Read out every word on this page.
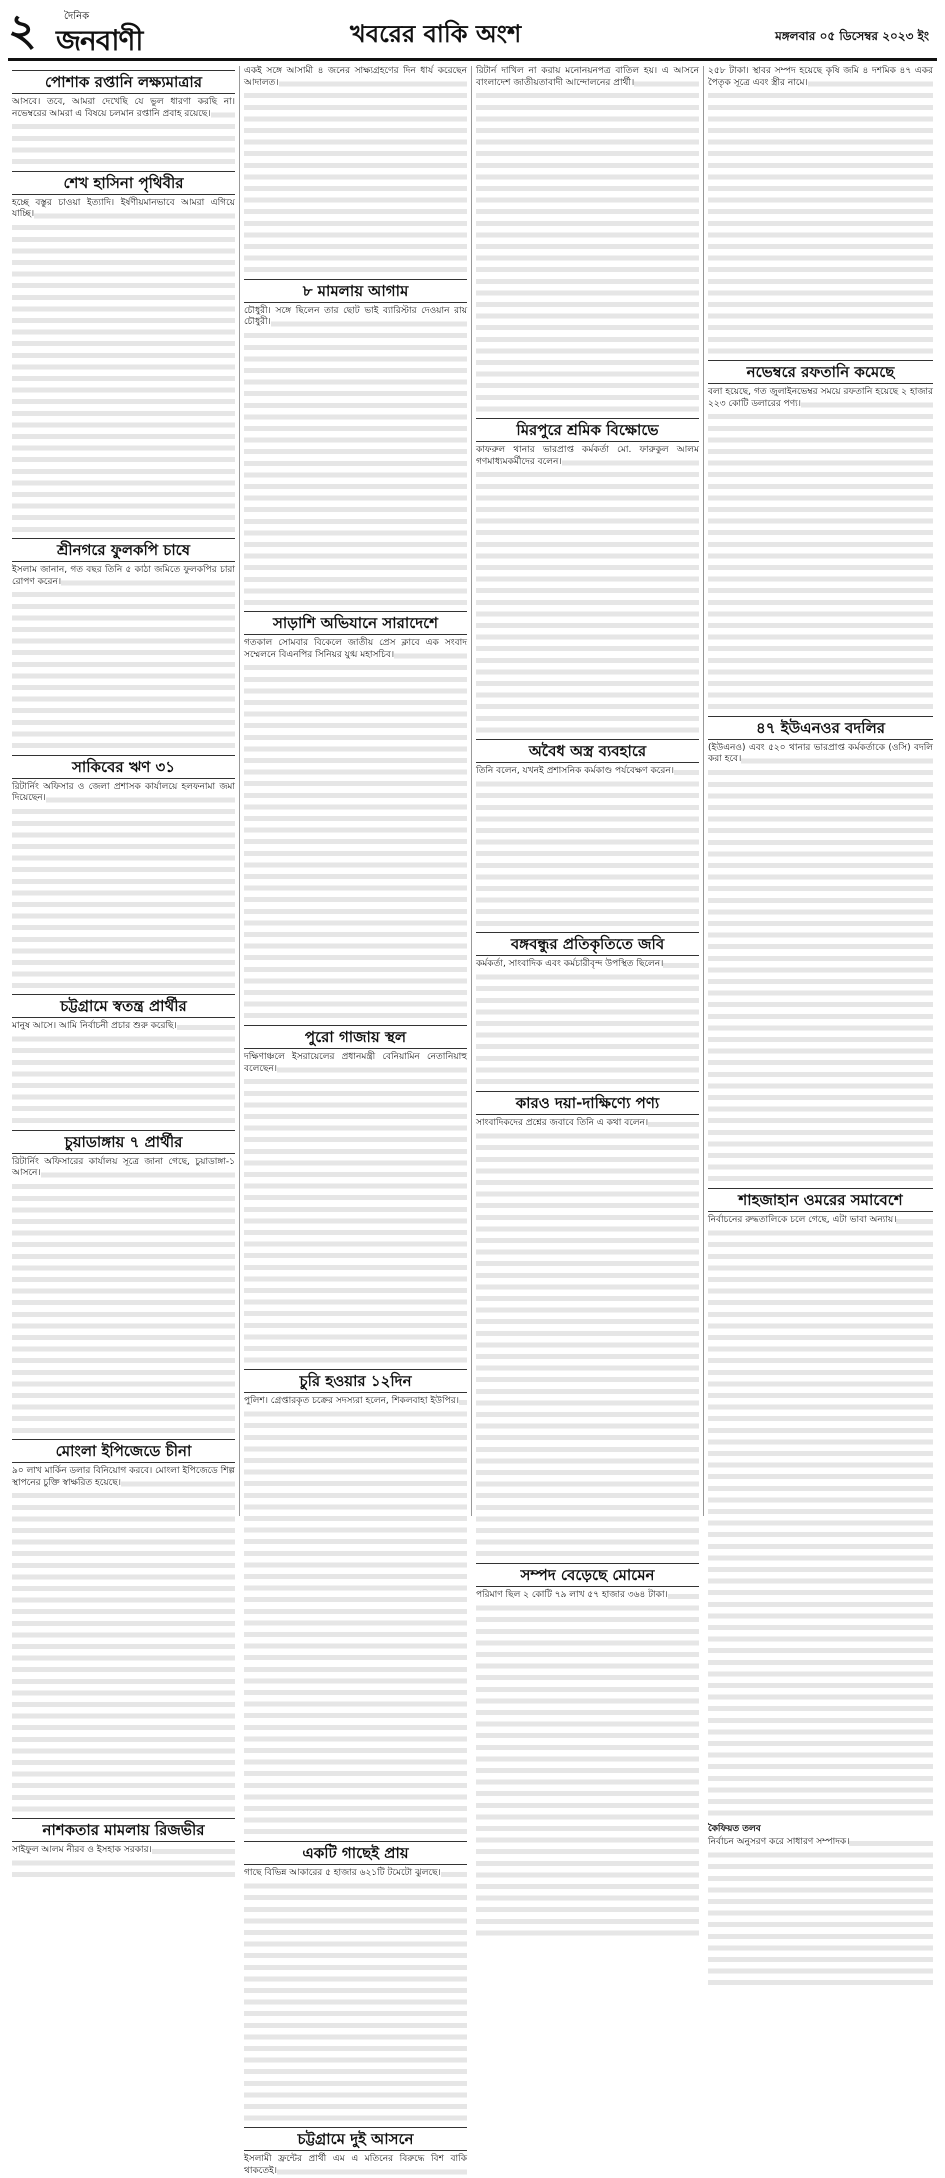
২	দৈনিক
জনবাণী	খবরের বাকি অংশ	মঙ্গলবার ০৫ ডিসেম্বর ২০২৩ ইং
পোশাক রপ্তানি লক্ষ্যমাত্রার

আসবে। তবে, আমরা দেখেছি যে ভুল ধারণা করছি না। নভেম্বরের আমরা এ বিষয়ে চলমান রপ্তানি প্রবাহ রয়েছে।

শেখ হাসিনা পৃথিবীর

হচ্ছে বস্তুর চাওয়া ইত্যাদি। ইর্ষণীয়মানভাবে আমরা এগিয়ে যাচ্ছি।

শ্রীনগরে ফুলকপি চাষে

ইসলাম জানান, গত বছর তিনি ৫ কাঠা জমিতে ফুলকপির চারা রোপণ করেন।

সাকিবের ঋণ ৩১

রিটার্নিং অফিসার ও জেলা প্রশাসক কার্যালয়ে হলফনামা জমা দিয়েছেন।

চট্টগ্রামে স্বতন্ত্র প্রার্থীর

মানুষ আসে। আমি নির্বাচনী প্রচার শুরু করেছি।

চুয়াডাঙ্গায় ৭ প্রার্থীর

রিটার্নিং অফিসারের কার্যালয় সূত্রে জানা গেছে, চুয়াডাঙ্গা-১ আসনে।

মোংলা ইপিজেডে চীনা

৯০ লাখ মার্কিন ডলার বিনিয়োগ করবে। মোংলা ইপিজেডে শিল্প স্থাপনের চুক্তি স্বাক্ষরিত হয়েছে।

নাশকতার মামলায় রিজভীর

সাইফুল আলম নীরব ও ইসহাক সরকার।

একই সঙ্গে আসামী ৪ জনের সাক্ষ্যগ্রহণের দিন ধার্য করেছেন আদালত।

৮ মামলায় আগাম

চৌধুরী। সঙ্গে ছিলেন তার ছোট ভাই ব্যারিস্টার দেওয়ান রায় চৌধুরী।

সাড়াশি অভিযানে সারাদেশে

গতকাল সোমবার বিকেলে জাতীয় প্রেস ক্লাবে এক সংবাদ সম্মেলনে বিএনপির সিনিয়র যুগ্ম মহাসচিব।

পুরো গাজায় স্থল

দক্ষিণাঞ্চলে ইসরায়েলের প্রধানমন্ত্রী বেনিয়ামিন নেতানিয়াহু বলেছেন।

চুরি হওয়ার ১২দিন

পুলিশ। গ্রেপ্তারকৃত চক্রের সদস্যরা হলেন, শিকলবাহা ইউপির।

একটি গাছেই প্রায়

গাছে বিভিন্ন আকারের ৫ হাজার ৬২১টি টমেটো ঝুলছে।

চট্টগ্রামে দুই আসনে

ইসলামী ফ্রন্টের প্রার্থী এম এ মতিনের বিরুদ্ধে বিশ বাকি থাকতেই।

রিটার্ন দাখিল না করায় মনোনয়নপত্র বাতিল হয়। এ আসনে বাংলাদেশ জাতীয়তাবাদী আন্দোলনের প্রার্থী।

মিরপুরে শ্রমিক বিক্ষোভে

কাফরুল থানার ভারপ্রাপ্ত কর্মকর্তা মো. ফারুকুল আলম গণমাধ্যমকর্মীদের বলেন।

অবৈধ অস্ত্র ব্যবহারে

তিনি বলেন, যখনই প্রশাসনিক কর্মকাণ্ড পর্যবেক্ষণ করেন।

বঙ্গবন্ধুর প্রতিকৃতিতে জবি

কর্মকর্তা, সাংবাদিক এবং কর্মচারীবৃন্দ উপস্থিত ছিলেন।

কারও দয়া-দাক্ষিণ্যে পণ্য

সাংবাদিকদের প্রশ্নের জবাবে তিনি এ কথা বলেন।

সম্পদ বেড়েছে মোমেন

পরিমাণ ছিল ২ কোটি ৭৯ লাখ ৫৭ হাজার ৩৬৪ টাকা।

২৫৮ টাকা। স্থাবর সম্পদ হয়েছে কৃষি জমি ৪ দশমিক ৪৭ একর পৈতৃক সূত্রে এবং স্ত্রীর নামে।

নভেম্বরে রফতানি কমেছে

বলা হয়েছে, গত জুলাইনভেম্বর সময়ে রফতানি হয়েছে ২ হাজার ২২৩ কোটি ডলারের পণ্য।

৪৭ ইউএনওর বদলির

(ইউএনও) এবং ৫২০ থানার ভারপ্রাপ্ত কর্মকর্তাকে (ওসি) বদলি করা হবে।

শাহজাহান ওমরের সমাবেশে

নির্বাচনের রুদ্ধতালিকে চলে গেছে, এটা ভাবা অন্যায়।

কৈফিয়ত তলব

নির্বাচন অনুসরণ করে সাধারণ সম্পাদক।
